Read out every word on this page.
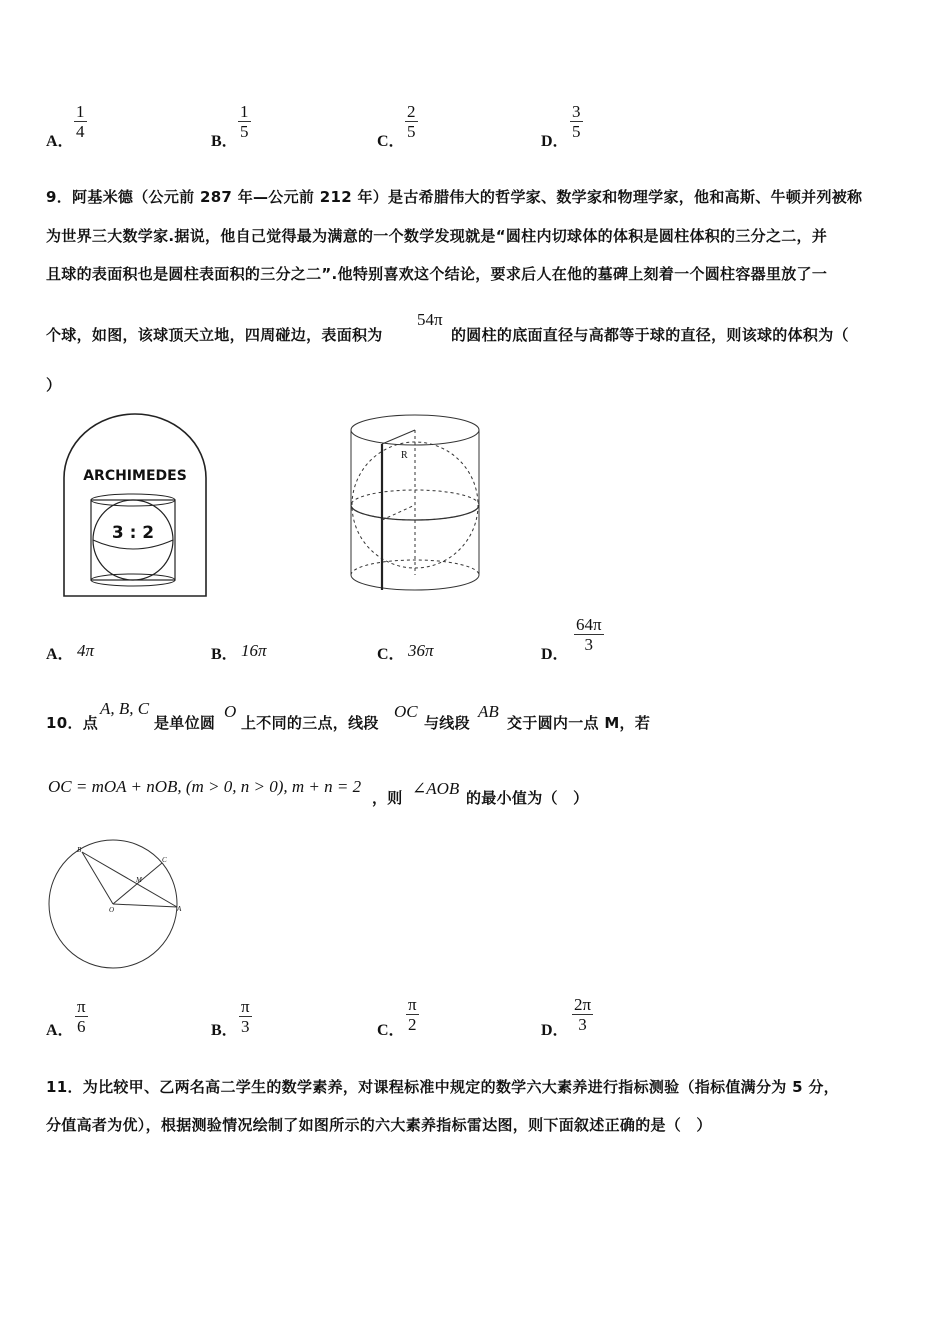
A．
1
4
B．
1
5
C．
2
5
D．
3
5
9．阿基米德（公元前 287 年—公元前 212 年）是古希腊伟大的哲学家、数学家和物理学家，他和高斯、牛顿并列被称
为世界三大数学家.据说，他自己觉得最为满意的一个数学发现就是“圆柱内切球体的体积是圆柱体积的三分之二，并
且球的表面积也是圆柱表面积的三分之二”.他特别喜欢这个结论，要求后人在他的墓碑上刻着一个圆柱容器里放了一
个球，如图，该球顶天立地，四周碰边，表面积为
54π
的圆柱的底面直径与高都等于球的直径，则该球的体积为（
）
ARCHIMEDES
3 : 2
R
A． 4π	B． 16π	C． 36π	D．
64π
3
10．点
A, B, C
是单位圆
O
上不同的三点，线段
OC
与线段
AB
交于圆内一点 M，若
OC = mOA + nOB, (m > 0, n > 0), m + n = 2
，则 ∠AOB 的最小值为（　）
B
C
M
O	A
A．
π
6	B．
π
3	C．
π
2	D．
2π
3
11．为比较甲、乙两名高二学生的数学素养，对课程标准中规定的数学六大素养进行指标测验（指标值满分为 5 分，
分值高者为优），根据测验情况绘制了如图所示的六大素养指标雷达图，则下面叙述正确的是（　）
